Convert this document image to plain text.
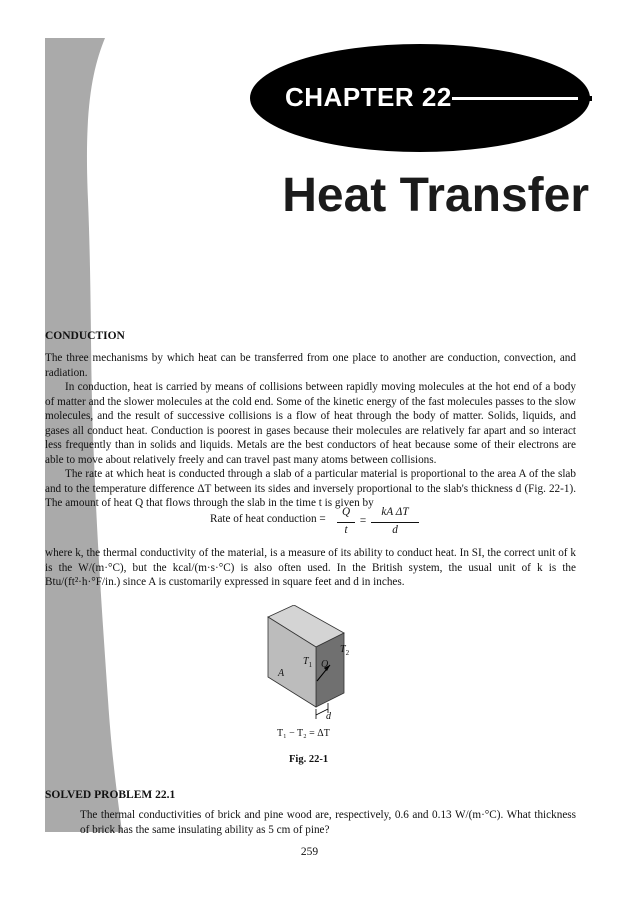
CHAPTER 22
Heat Transfer
CONDUCTION

The three mechanisms by which heat can be transferred from one place to another are conduction, convection, and radiation.

In conduction, heat is carried by means of collisions between rapidly moving molecules at the hot end of a body of matter and the slower molecules at the cold end. Some of the kinetic energy of the fast molecules passes to the slow molecules, and the result of successive collisions is a flow of heat through the body of matter. Solids, liquids, and gases all conduct heat. Conduction is poorest in gases because their molecules are relatively far apart and so interact less frequently than in solids and liquids. Metals are the best conductors of heat because some of their electrons are able to move about relatively freely and can travel past many atoms between collisions.

The rate at which heat is conducted through a slab of a particular material is proportional to the area A of the slab and to the temperature difference ΔT between its sides and inversely proportional to the slab's thickness d (Fig. 22-1). The amount of heat Q that flows through the slab in the time t is given by

Rate of heat conduction =
Q
t
=
kA ΔT
d

where k, the thermal conductivity of the material, is a measure of its ability to conduct heat. In SI, the correct unit of k is the W/(m·°C), but the kcal/(m·s·°C) is also often used. In the British system, the usual unit of k is the Btu/(ft²·h·°F/in.) since A is customarily expressed in square feet and d in inches.

$T_1$
$T_2$
Q
A
d
T₁ − T₂ = ΔT
Fig. 22-1
SOLVED PROBLEM 22.1

The thermal conductivities of brick and pine wood are, respectively, 0.6 and 0.13 W/(m·°C). What thickness of brick has the same insulating ability as 5 cm of pine?

259
